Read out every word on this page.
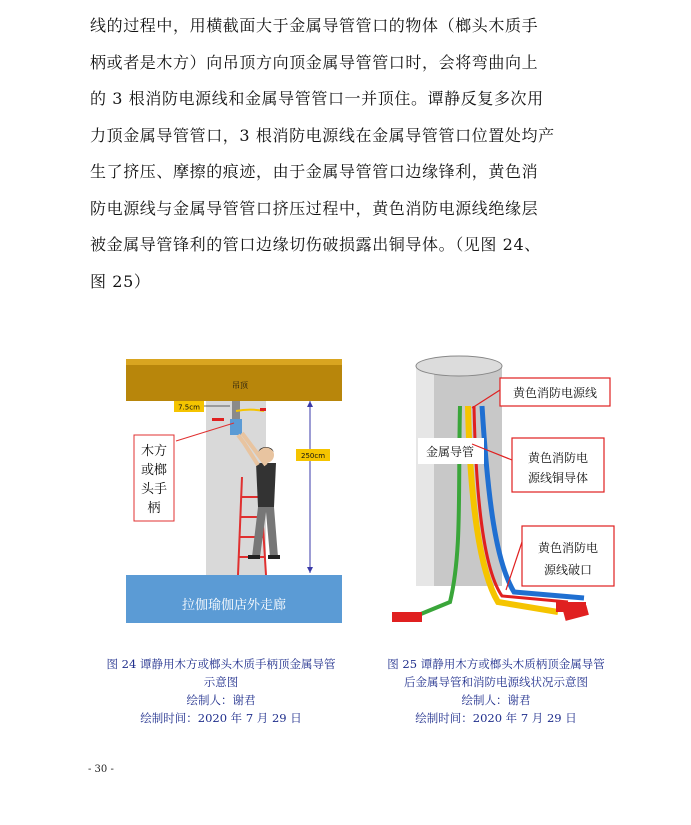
线的过程中，用横截面大于金属导管管口的物体（榔头木质手
柄或者是木方）向吊顶方向顶金属导管管口时，会将弯曲向上
的 3 根消防电源线和金属导管管口一并顶住。谭静反复多次用
力顶金属导管管口，3 根消防电源线在金属导管管口位置处均产
生了挤压、摩擦的痕迹，由于金属导管管口边缘锋利，黄色消
防电源线与金属导管管口挤压过程中，黄色消防电源线绝缘层
被金属导管锋利的管口边缘切伤破损露出铜导体。（见图 24、
图 25）
吊顶
拉伽瑜伽店外走廊
7.5cm
250cm
木方
或榔
头手
柄
金属导管
黄色消防电源线
黄色消防电
源线铜导体
黄色消防电
源线破口
图 24 谭静用木方或榔头木质手柄顶金属导管
示意图
绘制人：谢君
绘制时间：2020 年 7 月 29 日
图 25 谭静用木方或榔头木质柄顶金属导管
后金属导管和消防电源线状况示意图
绘制人：谢君
绘制时间：2020 年 7 月 29 日
- 30 -
